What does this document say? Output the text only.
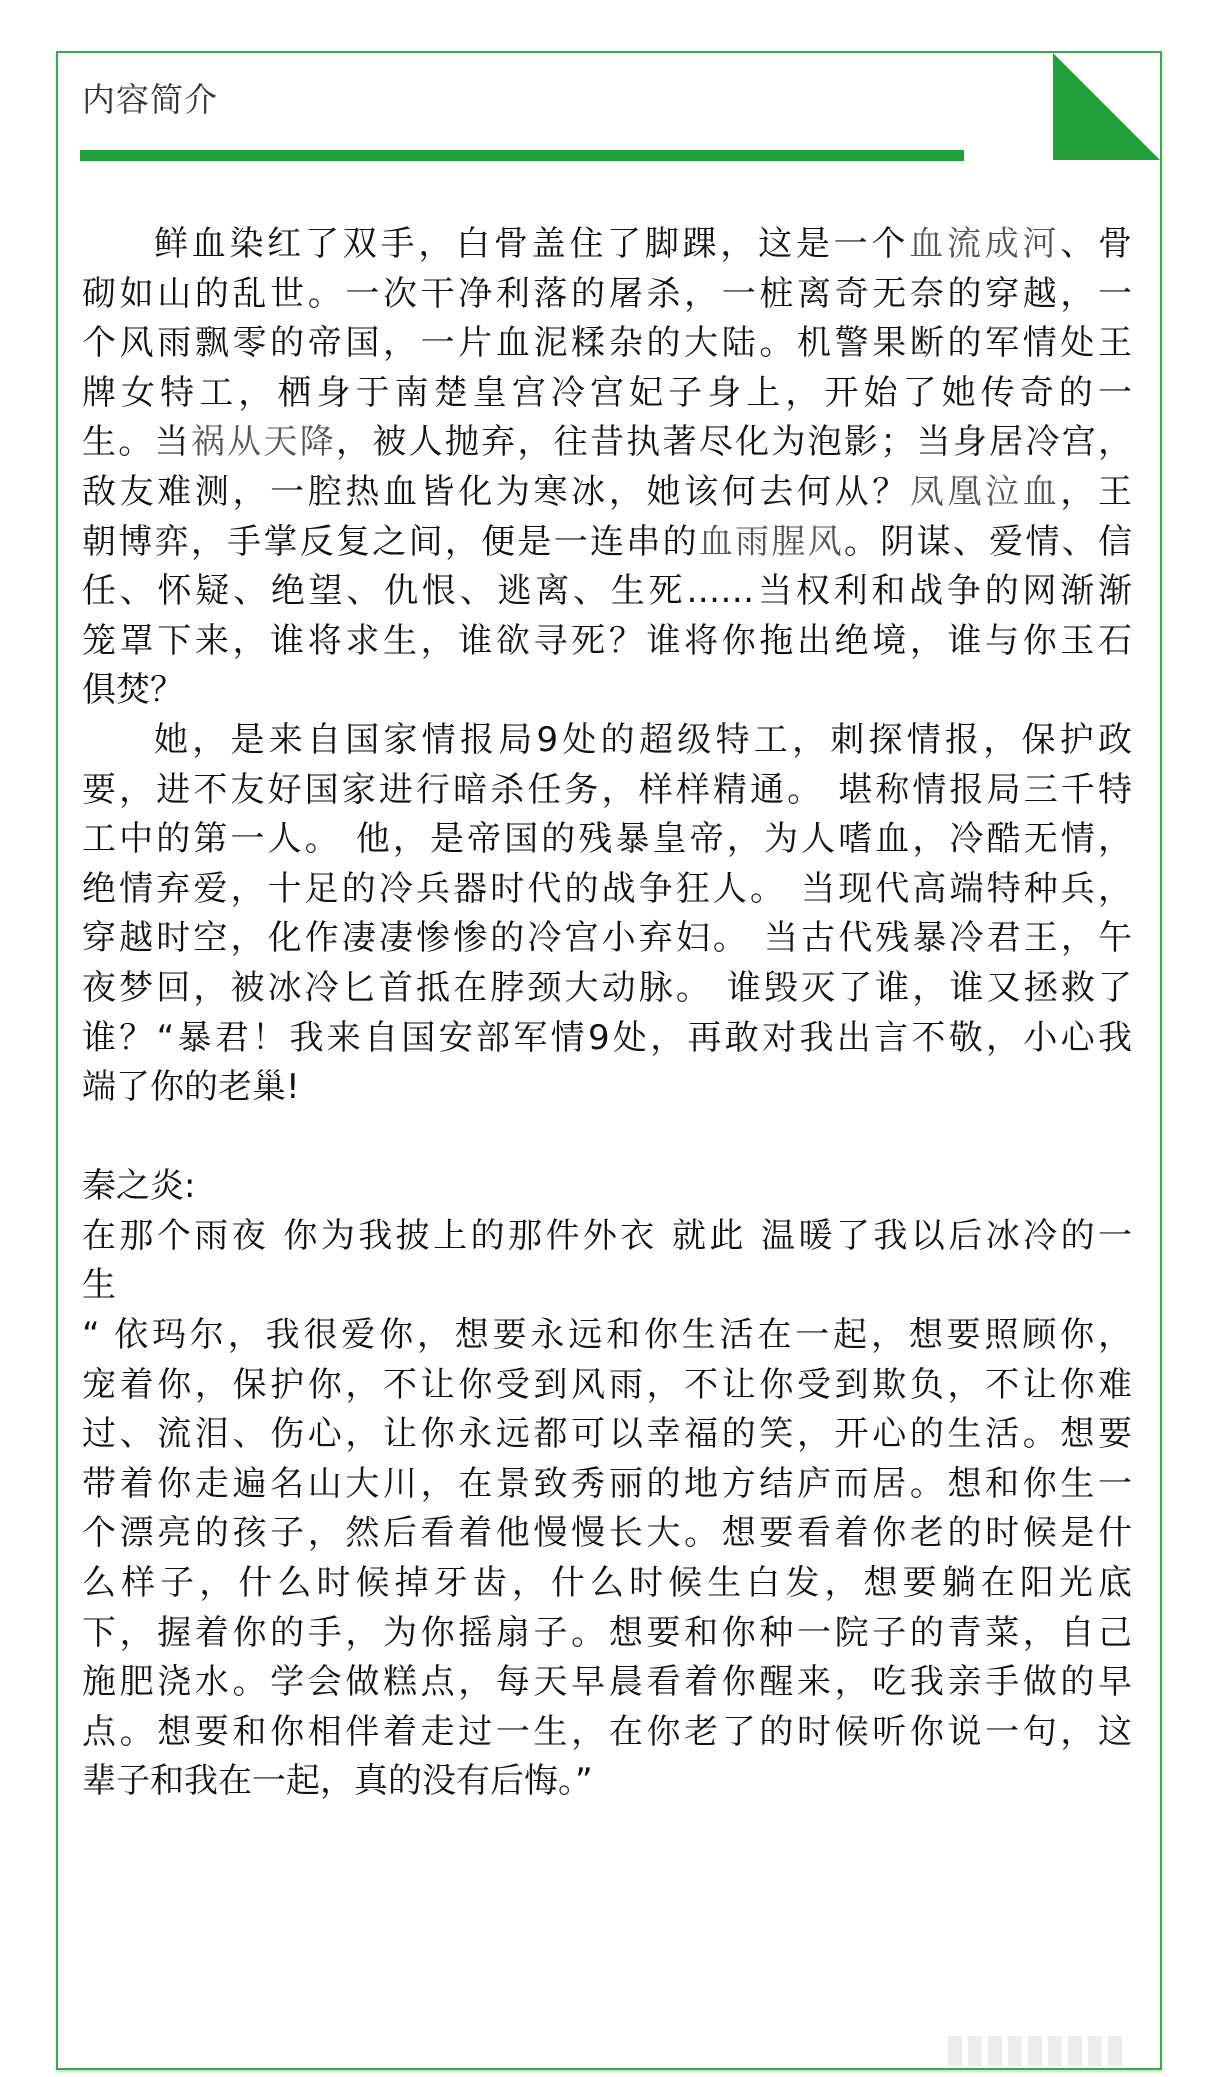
内容简介
鲜血染红了双手，白骨盖住了脚踝，这是一个血流成河、骨
砌如山的乱世。一次干净利落的屠杀，一桩离奇无奈的穿越，一
个风雨飘零的帝国，一片血泥糅杂的大陆。机警果断的军情处王
牌女特工，栖身于南楚皇宫冷宫妃子身上，开始了她传奇的一
生。当祸从天降，被人抛弃，往昔执著尽化为泡影；当身居冷宫，
敌友难测，一腔热血皆化为寒冰，她该何去何从？凤凰泣血，王
朝博弈，手掌反复之间，便是一连串的血雨腥风。阴谋、爱情、信
任、怀疑、绝望、仇恨、逃离、生死……当权利和战争的网渐渐
笼罩下来，谁将求生，谁欲寻死？谁将你拖出绝境，谁与你玉石
俱焚？
她，是来自国家情报局9处的超级特工，刺探情报，保护政
要，进不友好国家进行暗杀任务，样样精通。 堪称情报局三千特
工中的第一人。 他，是帝国的残暴皇帝，为人嗜血，冷酷无情，
绝情弃爱，十足的冷兵器时代的战争狂人。 当现代高端特种兵，
穿越时空，化作凄凄惨惨的冷宫小弃妇。 当古代残暴冷君王，午
夜梦回，被冰冷匕首抵在脖颈大动脉。 谁毁灭了谁，谁又拯救了
谁？“暴君！我来自国安部军情9处，再敢对我出言不敬，小心我
端了你的老巢!
秦之炎:
在那个雨夜 你为我披上的那件外衣 就此 温暖了我以后冰冷的一
生
“ 依玛尔，我很爱你，想要永远和你生活在一起，想要照顾你，
宠着你，保护你，不让你受到风雨，不让你受到欺负，不让你难
过、流泪、伤心，让你永远都可以幸福的笑，开心的生活。想要
带着你走遍名山大川，在景致秀丽的地方结庐而居。想和你生一
个漂亮的孩子，然后看着他慢慢长大。想要看着你老的时候是什
么样子，什么时候掉牙齿，什么时候生白发，想要躺在阳光底
下，握着你的手，为你摇扇子。想要和你种一院子的青菜，自己
施肥浇水。学会做糕点，每天早晨看着你醒来，吃我亲手做的早
点。想要和你相伴着走过一生，在你老了的时候听你说一句，这
辈子和我在一起，真的没有后悔。”
